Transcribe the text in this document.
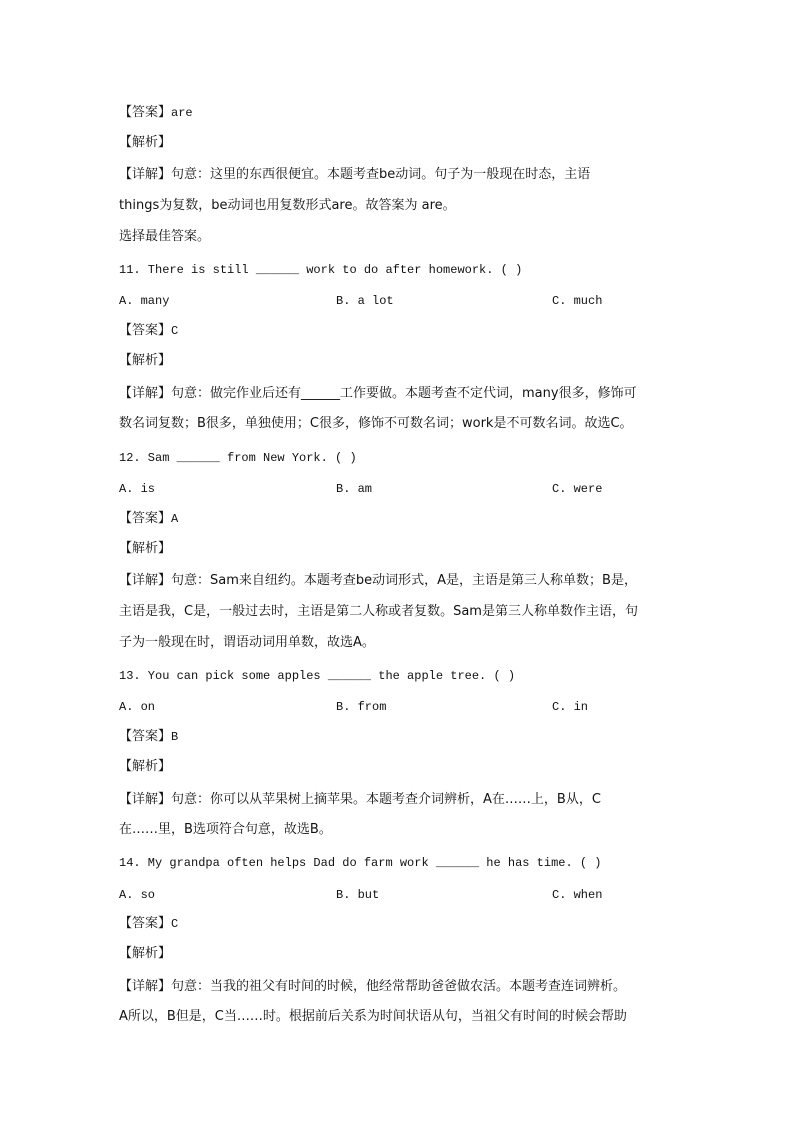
【答案】are
【解析】
【详解】句意：这里的东西很便宜。本题考查be动词。句子为一般现在时态，主语
things为复数，be动词也用复数形式are。故答案为 are。
选择最佳答案。
11. There is still ______ work to do after homework. ( )
A. many	B. a lot	C. much
【答案】C
【解析】
【详解】句意：做完作业后还有______工作要做。本题考查不定代词，many很多，修饰可
数名词复数；B很多，单独使用；C很多，修饰不可数名词；work是不可数名词。故选C。
12. Sam ______ from New York. ( )
A. is	B. am	C. were
【答案】A
【解析】
【详解】句意：Sam来自纽约。本题考查be动词形式，A是，主语是第三人称单数；B是，
主语是我，C是，一般过去时，主语是第二人称或者复数。Sam是第三人称单数作主语，句
子为一般现在时，谓语动词用单数，故选A。
13. You can pick some apples ______ the apple tree. ( )
A. on	B. from	C. in
【答案】B
【解析】
【详解】句意：你可以从苹果树上摘苹果。本题考查介词辨析，A在……上，B从，C
在……里，B选项符合句意，故选B。
14. My grandpa often helps Dad do farm work ______ he has time. ( )
A. so	B. but	C. when
【答案】C
【解析】
【详解】句意：当我的祖父有时间的时候，他经常帮助爸爸做农活。本题考查连词辨析。
A所以，B但是，C当……时。根据前后关系为时间状语从句，当祖父有时间的时候会帮助
